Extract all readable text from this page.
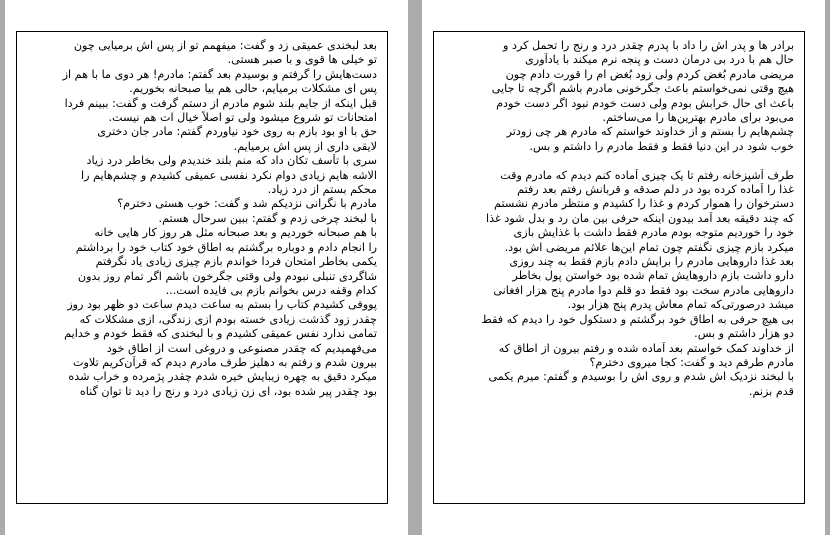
بعد لبخندی عمیقی زد و گفت: میفهمم تو از پس اش برمیایی چون
تو خیلی ها قوی و با صبر هستی.
دست‌هایش را گرفتم و بوسیدم بعد گفتم: مادرم! هر دوی ما با هم از
پس ای مشکلات برمیایم، حالی هم بیا صبحانه بخوریم.
قبل اینکه از جایم بلند شوم مادرم از دستم گرفت و گفت: ببینم فردا
امتحانات تو شروع میشود ولی تو اصلاً خیال ات هم نیست.
حق با او بود بازم به روی خود نیاوردم گفتم: مادر جان دختری
لایقی داری از پس اش برمیایم.
سری با تأسف تکان داد که منم بلند خندیدم ولی بخاطر درد زیاد
الاشه هایم زیادی دوام نکرد نفسی عمیقی کشیدم و چشم‌هایم را
محکم بستم از درد زیاد.
مادرم با نگرانی نزدیکم شد و گفت: خوب هستی دخترم؟
با لبخند چرخی زدم و گفتم: ببین سرحال هستم.
با هم صبحانه خوردیم و بعد صبحانه مثل هر روز کار هایی خانه
را انجام دادم و دوباره برگشتم به اطاق خود کتاب خود را برداشتم
یکمی بخاطر امتحان فردا خواندم بازم چیزی زیادی یاد نگرفتم
شاگردی تنبلی نبودم ولی وقتی جگرخون باشم اگر تمام روز بدون
کدام وقفه درس بخوانم بازم بی فایده است...
پووفی کشیدم کتاب را بستم به ساعت دیدم ساعت دو ظهر بود روز
چقدر زود گذشت زیادی خسته بودم ازی زندگی، ازی مشکلات که
تمامی ندارد نفس عمیقی کشیدم و با لبخندی که فقط خودم و خدایم
می‌فهمیدیم که چقدر مصنوعی و دروغی است از اطاق خود
بیرون شدم و رفتم به دهلیز طرف مادرم دیدم که قرآن‌کریم تلاوت
میکرد دقیق به چهره زیبایش خیره شدم چقدر پژمرده و خراب شده
بود چقدر پیر شده بود، ای زن زیادی درد و رنج را دید تا توان گناه
برادر ها و پدر اش را داد با پدرم چقدر درد و رنج را تحمل کرد و
حال هم با درد بی درمان دست و پنجه نرم میکند با یادآوری
مریضی مادرم بُغض کردم ولی زود بُغض ام را قورت دادم چون
هیچ وقتی نمی‌خواستم باعث جگرخونی مادرم باشم اگرچه تا جایی
باعث ای حال خرابش بودم ولی دست خودم نبود اگر دست خودم
می‌بود برای مادرم بهترین‌ها را می‌ساختم.
چشم‌هایم را بستم و از خداوند خواستم که مادرم هر چی زودتر
خوب شود در این دنیا فقط و فقط مادرم را داشتم و بس.
طرف آشپزخانه رفتم تا یک چیزی آماده کنم دیدم که مادرم وقت
غذا را آماده کرده بود در دلم صدقه و قربانش رفتم بعد رفتم
دسترخوان را هموار کردم و غذا را کشیدم و منتظر مادرم نشستم
که چند دقیقه بعد آمد بیدون اینکه حرفی بین مان رد و بدل شود غذا
خود را خوردیم متوجه بودم مادرم فقط داشت با غذایش بازی
میکرد بازم چیزی نگفتم چون تمام این‌ها علائم مریضی اش بود.
بعد غذا داروهایی مادرم را برایش دادم بازم فقط به چند روزی
دارو داشت بازم داروهایش تمام شده بود خواستن پول بخاطر
داروهایی مادرم سخت بود فقط دو قلم دوا مادرم پنج هزار افغانی
میشد درصورتی‌که تمام معاش پدرم پنج هزار بود.
بی هیچ حرفی به اطاق خود برگشتم و دستکول خود را دیدم که فقط
دو هزار داشتم و بس.
از خداوند کمک خواستم بعد آماده شده و رفتم بیرون از اطاق که
مادرم طرفم دید و گفت: کجا میروی دخترم؟
با لبخند نزدیک اش شدم و روی اش را بوسیدم و گفتم: میرم یکمی
قدم بزنم.
